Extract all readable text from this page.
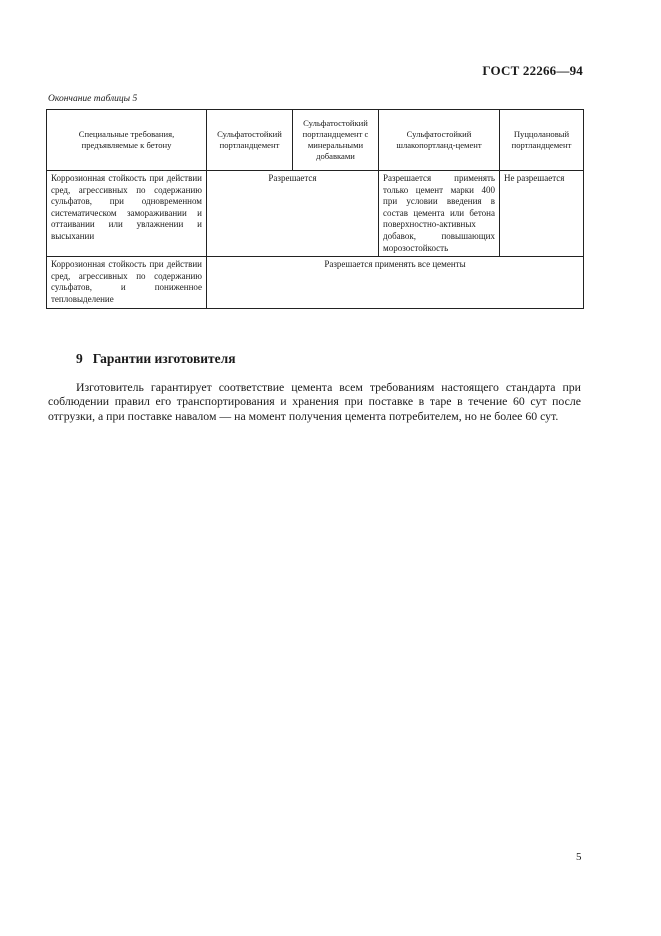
ГОСТ 22266—94
Окончание таблицы 5
Специальные требования, предъявляемые к бетону	Сульфатостойкий портландцемент	Сульфатостойкий портландцемент с минеральными добавками	Сульфатостойкий шлакопортланд-цемент	Пуццолановый портландцемент
Коррозионная стойкость при действии сред, агрессивных по содержанию сульфатов, при одновременном систематическом замораживании и оттаивании или увлажнении и высыхании	Разрешается		Разрешается применять только цемент марки 400 при условии введения в состав цемента или бетона поверхностно-активных добавок, повышающих морозостойкость	Не разрешается
Коррозионная стойкость при действии сред, агрессивных по содержанию сульфатов, и пониженное тепловыделение	Разрешается применять все цементы			
9 Гарантии изготовителя
Изготовитель гарантирует соответствие цемента всем требованиям настоящего стандарта при соблюдении правил его транспортирования и хранения при поставке в таре в течение 60 сут после отгрузки, а при поставке навалом — на момент получения цемента потребителем, но не более 60 сут.
5
